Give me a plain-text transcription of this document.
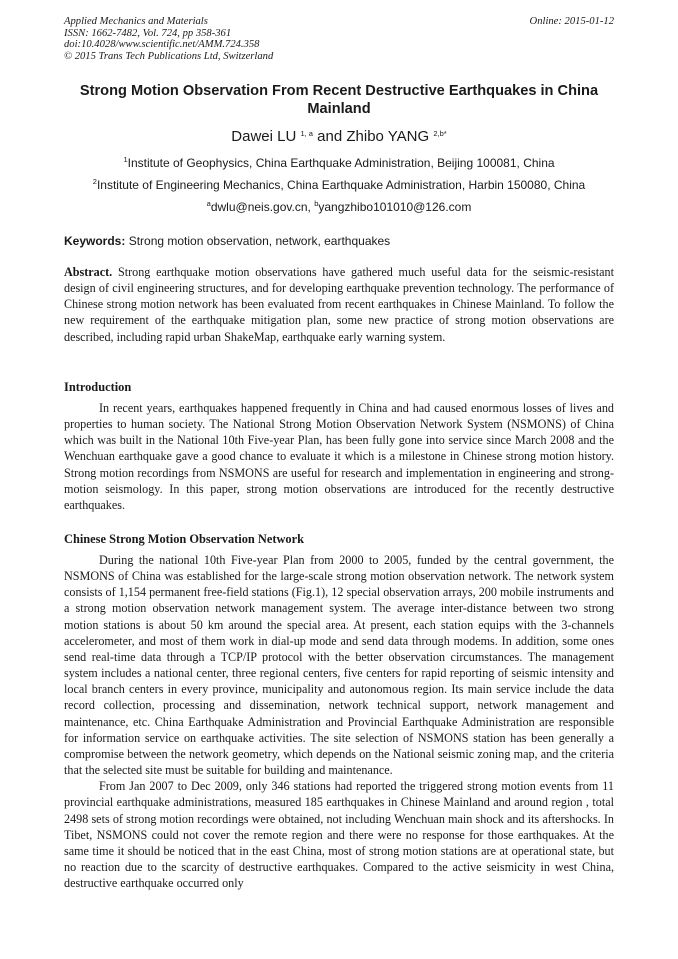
Applied Mechanics and Materials
ISSN: 1662-7482, Vol. 724, pp 358-361
doi:10.4028/www.scientific.net/AMM.724.358
© 2015 Trans Tech Publications Ltd, Switzerland
Online: 2015-01-12
Strong Motion Observation From Recent Destructive Earthquakes in China Mainland
Dawei LU $^{1, a}$ and Zhibo YANG $^{2,b*}$
$^1$Institute of Geophysics, China Earthquake Administration, Beijing 100081, China
$^2$Institute of Engineering Mechanics, China Earthquake Administration, Harbin 150080, China
$^a$dwlu@neis.gov.cn, $^b$yangzhibo101010@126.com
Keywords: Strong motion observation, network, earthquakes

Abstract. Strong earthquake motion observations have gathered much useful data for the seismic-resistant design of civil engineering structures, and for developing earthquake prevention technology. The performance of Chinese strong motion network has been evaluated from recent earthquakes in Chinese Mainland. To follow the new requirement of the earthquake mitigation plan, some new practice of strong motion observations are described, including rapid urban ShakeMap, earthquake early warning system.

Introduction

In recent years, earthquakes happened frequently in China and had caused enormous losses of lives and properties to human society. The National Strong Motion Observation Network System (NSMONS) of China which was built in the National 10th Five-year Plan, has been fully gone into service since March 2008 and the Wenchuan earthquake gave a good chance to evaluate it which is a milestone in Chinese strong motion history. Strong motion recordings from NSMONS are useful for research and implementation in engineering and strong-motion seismology. In this paper, strong motion observations are introduced for the recently destructive earthquakes.

Chinese Strong Motion Observation Network

During the national 10th Five-year Plan from 2000 to 2005, funded by the central government, the NSMONS of China was established for the large-scale strong motion observation network. The network system consists of 1,154 permanent free-field stations (Fig.1), 12 special observation arrays, 200 mobile instruments and a strong motion observation network management system. The average inter-distance between two strong motion stations is about 50 km around the special area. At present, each station equips with the 3-channels accelerometer, and most of them work in dial-up mode and send data through modems. In addition, some ones send real-time data through a TCP/IP protocol with the better observation circumstances. The management system includes a national center, three regional centers, five centers for rapid reporting of seismic intensity and local branch centers in every province, municipality and autonomous region. Its main service include the data record collection, processing and dissemination, network technical support, network management and maintenance, etc. China Earthquake Administration and Provincial Earthquake Administration are responsible for information service on earthquake activities. The site selection of NSMONS station has been generally a compromise between the network geometry, which depends on the National seismic zoning map, and the criteria that the selected site must be suitable for building and maintenance.

From Jan 2007 to Dec 2009, only 346 stations had reported the triggered strong motion events from 11 provincial earthquake administrations, measured 185 earthquakes in Chinese Mainland and around region , total 2498 sets of strong motion recordings were obtained, not including Wenchuan main shock and its aftershocks. In Tibet, NSMONS could not cover the remote region and there were no response for those earthquakes. At the same time it should be noticed that in the east China, most of strong motion stations are at operational state, but no reaction due to the scarcity of destructive earthquakes. Compared to the active seismicity in west China, destructive earthquake occurred only
